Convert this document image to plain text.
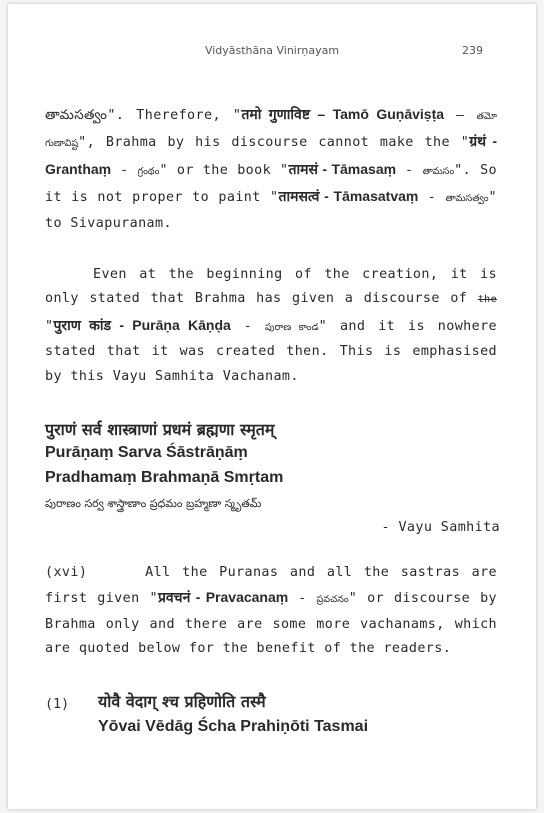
Vidyāsthāna Vinirṇayam	239
తామసత్వం". Therefore, "तमो गुणाविष्ट – Tamō Guṇāviṣṭa – తమో గుణావిష్ట", Brahma by his discourse cannot make the "ग्रंथं - Granthaṃ - గ్రంథం" or the book "तामसं - Tāmasaṃ - తామసం". So it is not proper to paint "तामसत्वं - Tāmasatvaṃ - తామసత్వం" to Sivapuranam.
Even at the beginning of the creation, it is only stated that Brahma has given a discourse of the "पुराण कांड - Purāṇa Kāṇḍa - పురాణ కాండ" and it is nowhere stated that it was created then. This is emphasised by this Vayu Samhita Vachanam.
पुराणं सर्व शास्त्राणां प्रधमं ब्रह्मणा स्मृतम्
Purāṇaṃ Sarva Śāstrāṇāṃ
Pradhamaṃ Brahmaṇā Smṛtam
పురాణం సర్వ శాస్త్రాణాం ప్రధమం బ్రహ్మణా స్మృతమ్
- Vayu Samhita
(xvi)     All the Puranas and all the sastras are first given "प्रवचनं - Pravacanaṃ - ప్రవచనం" or discourse by Brahma only and there are some more vachanams, which are quoted below for the benefit of the readers.
(1) योवै वेदाग् श्च प्रहिणोति तस्मै
Yōvai Vēdāg Ścha Prahiṇōti Tasmai
